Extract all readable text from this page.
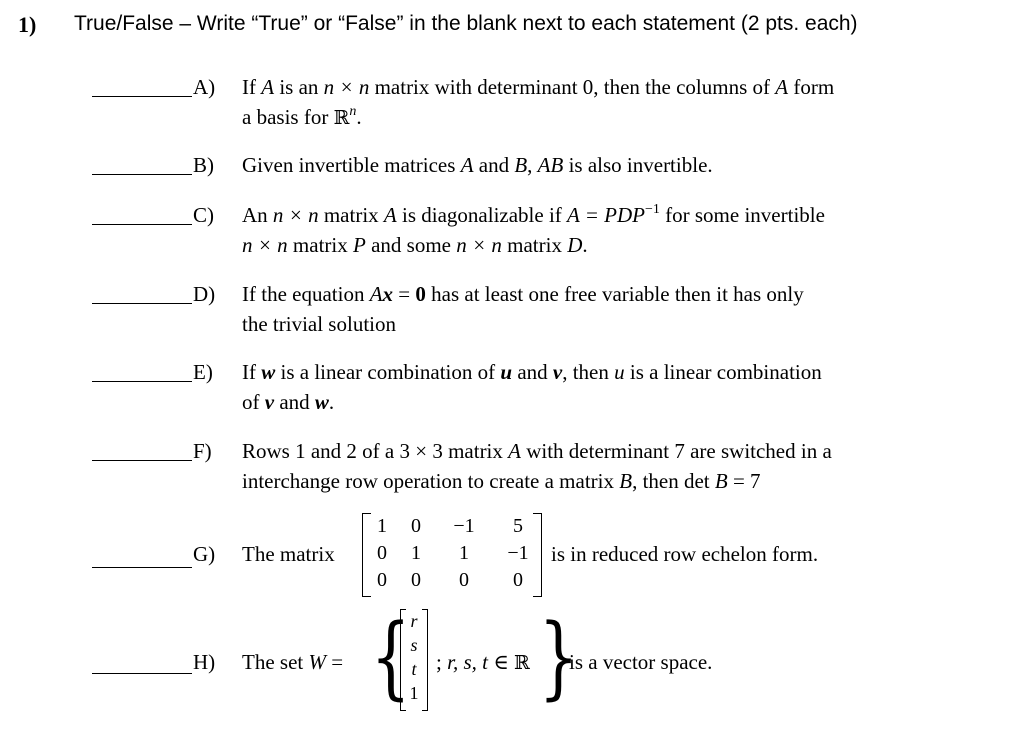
1) True/False – Write “True” or “False” in the blank next to each statement (2 pts. each)
A) If A is an n × n matrix with determinant 0, then the columns of A form
a basis for ℝ$^n$.
B) Given invertible matrices A and B, AB is also invertible.
C) An n × n matrix A is diagonalizable if $A = PDP^{-1}$ for some invertible
n × n matrix P and some n × n matrix D.
D) If the equation Ax = 0 has at least one free variable then it has only
the trivial solution
E) If w is a linear combination of u and v, then u is a linear combination
of v and w.
F) Rows 1 and 2 of a 3 × 3 matrix A with determinant 7 are switched in a
interchange row operation to create a matrix B, then det B = 7
G) The matrix
1	0	−1	5
0	1	1	−1
0	0	0	0
is in reduced row echelon form.
H) The set W = { r
s
t
1
; r, s, t ∈ ℝ }
is a vector space.
